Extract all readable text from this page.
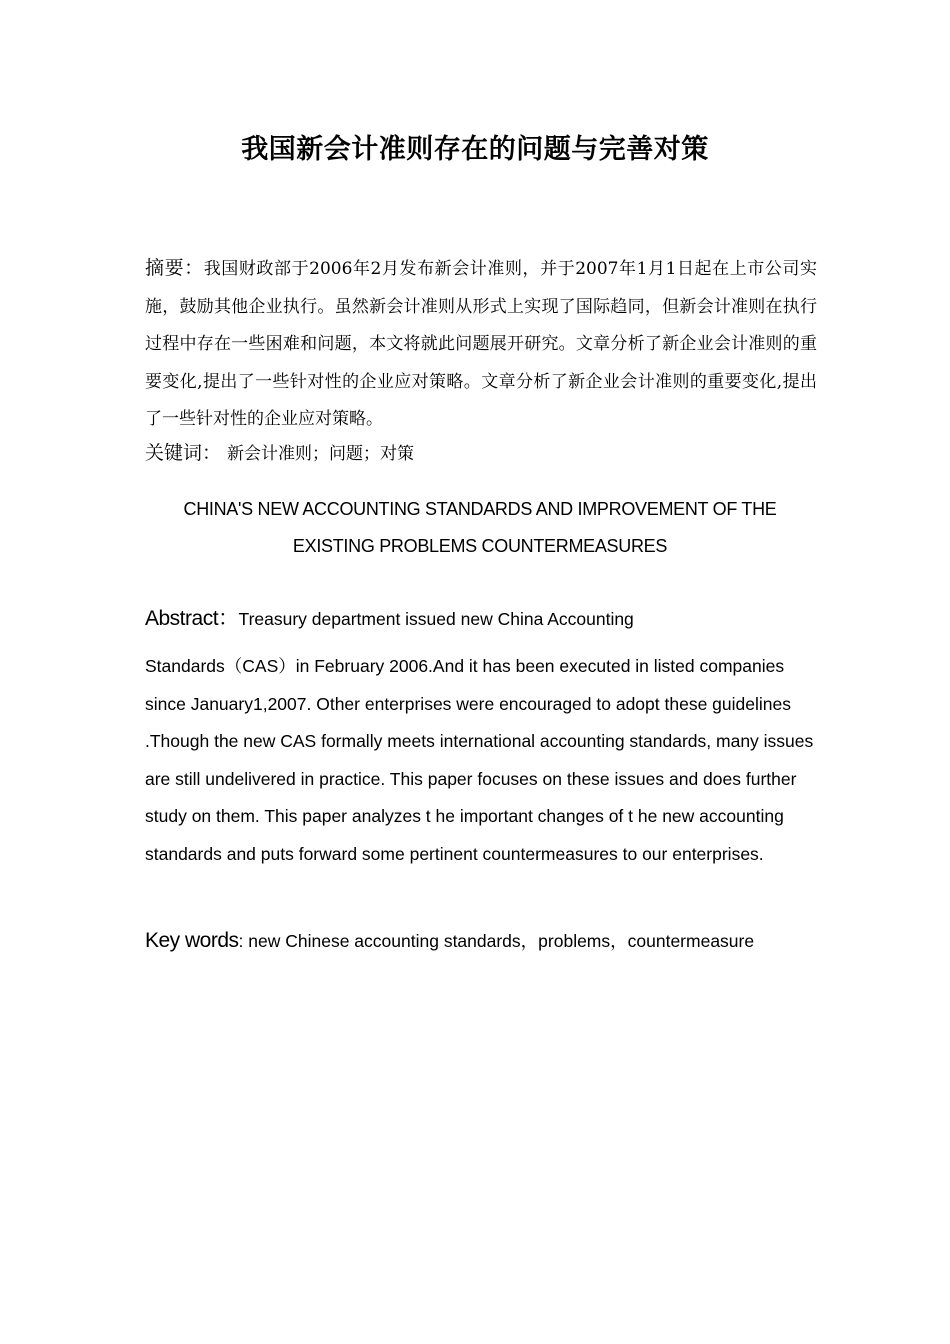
我国新会计准则存在的问题与完善对策

摘要：我国财政部于2006年2月发布新会计准则，并于2007年1月1日起在上市公司实施，鼓励其他企业执行。虽然新会计准则从形式上实现了国际趋同，但新会计准则在执行过程中存在一些困难和问题，本文将就此问题展开研究。文章分析了新企业会计准则的重要变化,提出了一些针对性的企业应对策略。文章分析了新企业会计准则的重要变化,提出了一些针对性的企业应对策略。

关键词： 新会计准则；问题；对策

CHINA'S NEW ACCOUNTING STANDARDS AND IMPROVEMENT OF THE
EXISTING PROBLEMS COUNTERMEASURES

Abstract：Treasury department issued new China Accounting

Standards（CAS）in February 2006.And it has been executed in listed companies since January1,2007. Other enterprises were encouraged to adopt these guidelines .Though the new CAS formally meets international accounting standards, many issues are still undelivered in practice. This paper focuses on these issues and does further study on them. This paper analyzes t he important changes of t he new accounting standards and puts forward some pertinent countermeasures to our enterprises.

Key words: new Chinese accounting standards，problems，countermeasure
